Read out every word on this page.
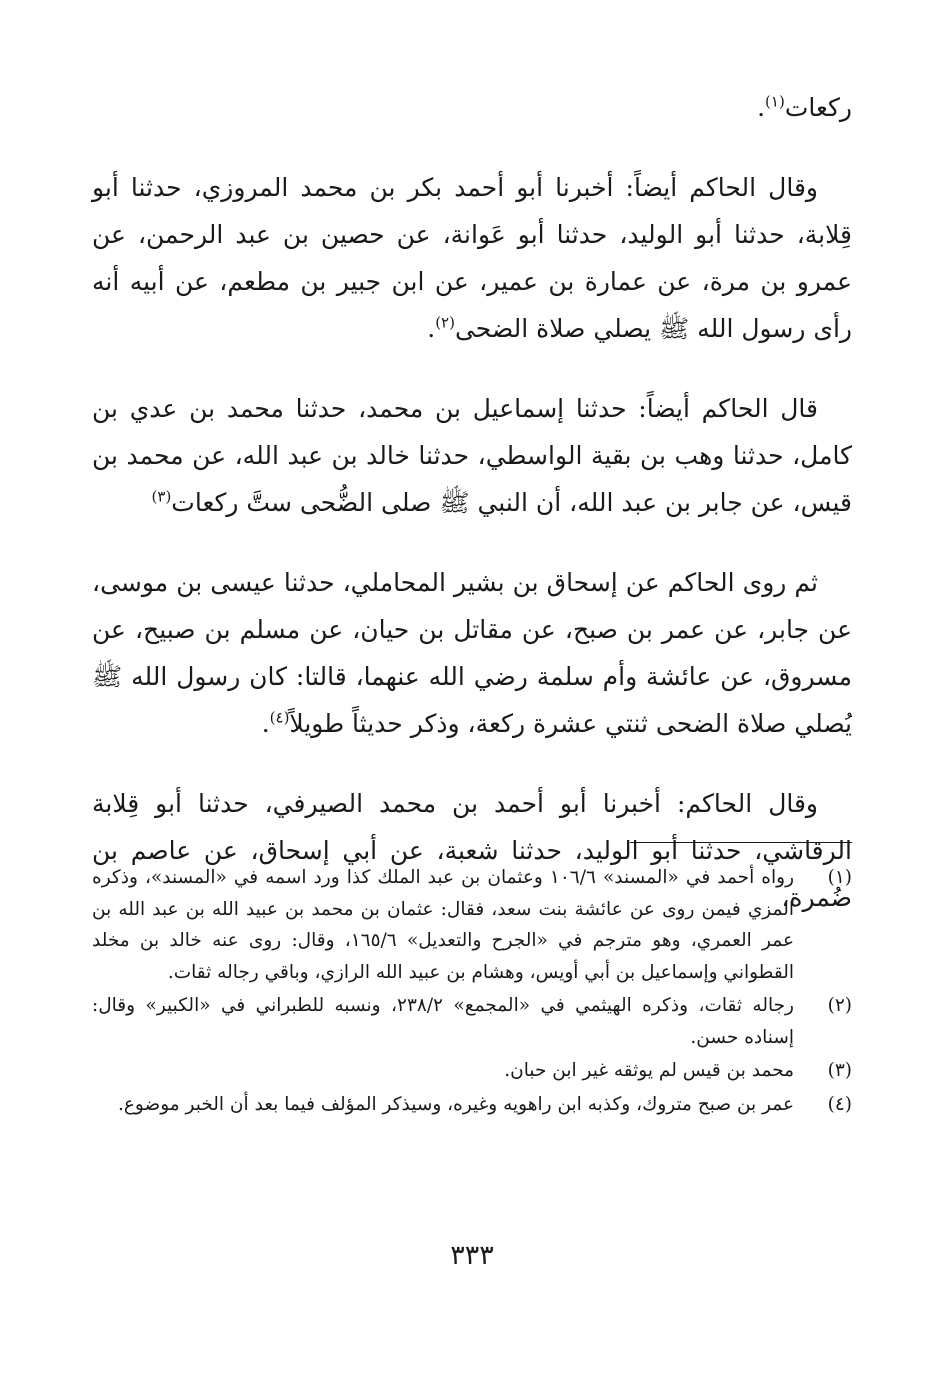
ركعات$^{(١)}$.

وقال الحاكم أيضاً: أخبرنا أبو أحمد بكر بن محمد المروزي، حدثنا أبو قِلابة، حدثنا أبو الوليد، حدثنا أبو عَوانة، عن حصين بن عبد الرحمن، عن عمرو بن مرة، عن عمارة بن عمير، عن ابن جبير بن مطعم، عن أبيه أنه رأى رسول الله ﷺ يصلي صلاة الضحى$^{(٢)}$.

قال الحاكم أيضاً: حدثنا إسماعيل بن محمد، حدثنا محمد بن عدي بن كامل، حدثنا وهب بن بقية الواسطي، حدثنا خالد بن عبد الله، عن محمد بن قيس، عن جابر بن عبد الله، أن النبي ﷺ صلى الضُّحى ستَّ ركعات$^{(٣)}$

ثم روى الحاكم عن إسحاق بن بشير المحاملي، حدثنا عيسى بن موسى، عن جابر، عن عمر بن صبح، عن مقاتل بن حيان، عن مسلم بن صبيح، عن مسروق، عن عائشة وأم سلمة رضي الله عنهما، قالتا: كان رسول الله ﷺ يُصلي صلاة الضحى ثنتي عشرة ركعة، وذكر حديثاً طويلاً$^{(٤)}$.

وقال الحاكم: أخبرنا أبو أحمد بن محمد الصيرفي، حدثنا أبو قِلابة الرقاشي، حدثنا أبو الوليد، حدثنا شعبة، عن أبي إسحاق، عن عاصم بن ضُمرة،

(١)
رواه أحمد في «المسند» ١٠٦/٦ وعثمان بن عبد الملك كذا ورد اسمه في «المسند»، وذكره المزي فيمن روى عن عائشة بنت سعد، فقال: عثمان بن محمد بن عبيد الله بن عبد الله بن عمر العمري، وهو مترجم في «الجرح والتعديل» ١٦٥/٦، وقال: روى عنه خالد بن مخلد القطواني وإسماعيل بن أبي أويس، وهشام بن عبيد الله الرازي، وباقي رجاله ثقات.
(٢)
رجاله ثقات، وذكره الهيثمي في «المجمع» ٢٣٨/٢، ونسبه للطبراني في «الكبير» وقال: إسناده حسن.
(٣)
محمد بن قيس لم يوثقه غير ابن حبان.
(٤)
عمر بن صبح متروك، وكذبه ابن راهويه وغيره، وسيذكر المؤلف فيما بعد أن الخبر موضوع.
٣٣٣
